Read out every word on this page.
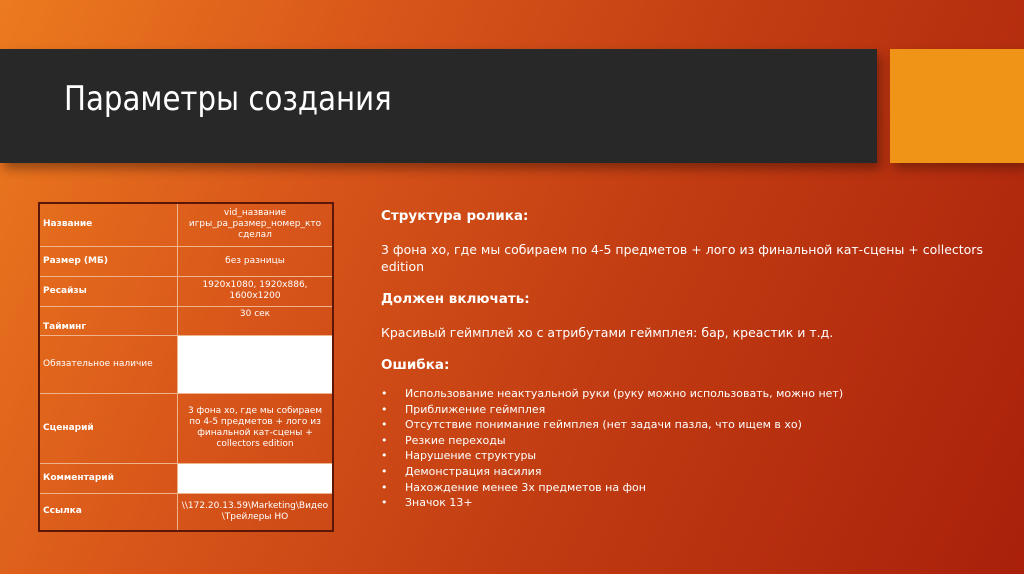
Параметры создания
Название	vid_название игры_ра_размер_номер_кто сделал
Размер (МБ)	без разницы
Ресайзы	1920x1080, 1920x886, 1600x1200
Тайминг	30 сек
Обязательное наличие	
Сценарий	3 фона хо, где мы собираем по 4-5 предметов + лого из финальной кат-сцены + collectors edition
Комментарий	
Ссылка	\\172.20.13.59\Marketing\Видео \Трейлеры НО

Структура ролика:

3 фона хо, где мы собираем по 4-5 предметов + лого из финальной кат-сцены + collectors edition

Должен включать:

Красивый геймплей хо с атрибутами геймплея: бар, креастик и т.д.

Ошибка:

• Использование неактуальной руки (руку можно использовать, можно нет)
• Приближение геймплея
• Отсутствие понимание геймплея (нет задачи пазла, что ищем в хо)
• Резкие переходы
• Нарушение структуры
• Демонстрация насилия
• Нахождение менее 3х предметов на фон
• Значок 13+
